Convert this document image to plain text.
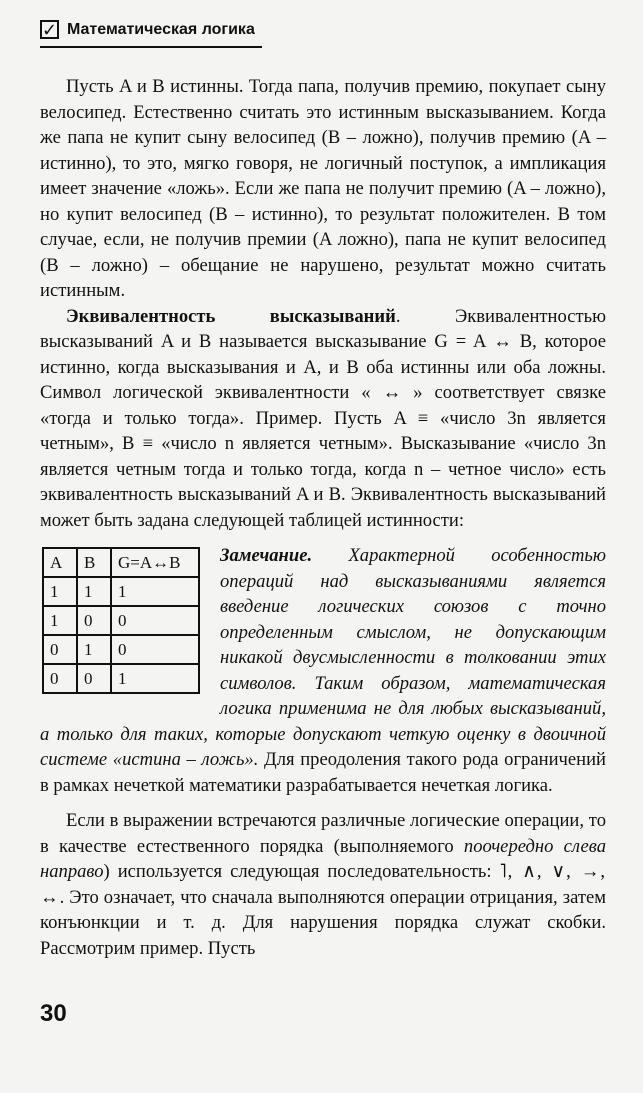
✓ Математическая логика

Пусть A и B истинны. Тогда папа, получив премию, покупает сыну велосипед. Естественно считать это истинным высказыванием. Когда же папа не купит сыну велосипед (B – ложно), получив премию (A – истинно), то это, мягко говоря, не логичный поступок, а импликация имеет значение «ложь». Если же папа не получит премию (A – ложно), но купит велосипед (B – истинно), то результат положителен. В том случае, если, не получив премии (A ложно), папа не купит велосипед (B – ложно) – обещание не нарушено, результат можно считать истинным.

Эквивалентность высказываний. Эквивалентностью высказываний A и B называется высказывание G = A ↔ B, которое истинно, когда высказывания и A, и B оба истинны или оба ложны. Символ логической эквивалентности « ↔ » соответствует связке «тогда и только тогда». Пример. Пусть A ≡ «число 3n является четным», B ≡ «число n является четным». Высказывание «число 3n является четным тогда и только тогда, когда n – четное число» есть эквивалентность высказываний A и B. Эквивалентность высказываний может быть задана следующей таблицей истинности:

A	B	G=A↔B
1	1	1
1	0	0
0	1	0
0	0	1

Замечание. Характерной особенностью операций над высказываниями является введение логических союзов с точно определенным смыслом, не допускающим никакой двусмысленности в толковании этих символов. Таким образом, математическая логика применима не для любых высказываний, а только для таких, которые допускают четкую оценку в двоичной системе «истина – ложь». Для преодоления такого рода ограничений в рамках нечеткой математики разрабатывается нечеткая логика.

Если в выражении встречаются различные логические операции, то в качестве естественного порядка (выполняемого поочередно слева направо) используется следующая последовательность: ˥, ∧, ∨, →, ↔. Это означает, что сначала выполняются операции отрицания, затем конъюнкции и т. д. Для нарушения порядка служат скобки. Рассмотрим пример. Пусть

30
